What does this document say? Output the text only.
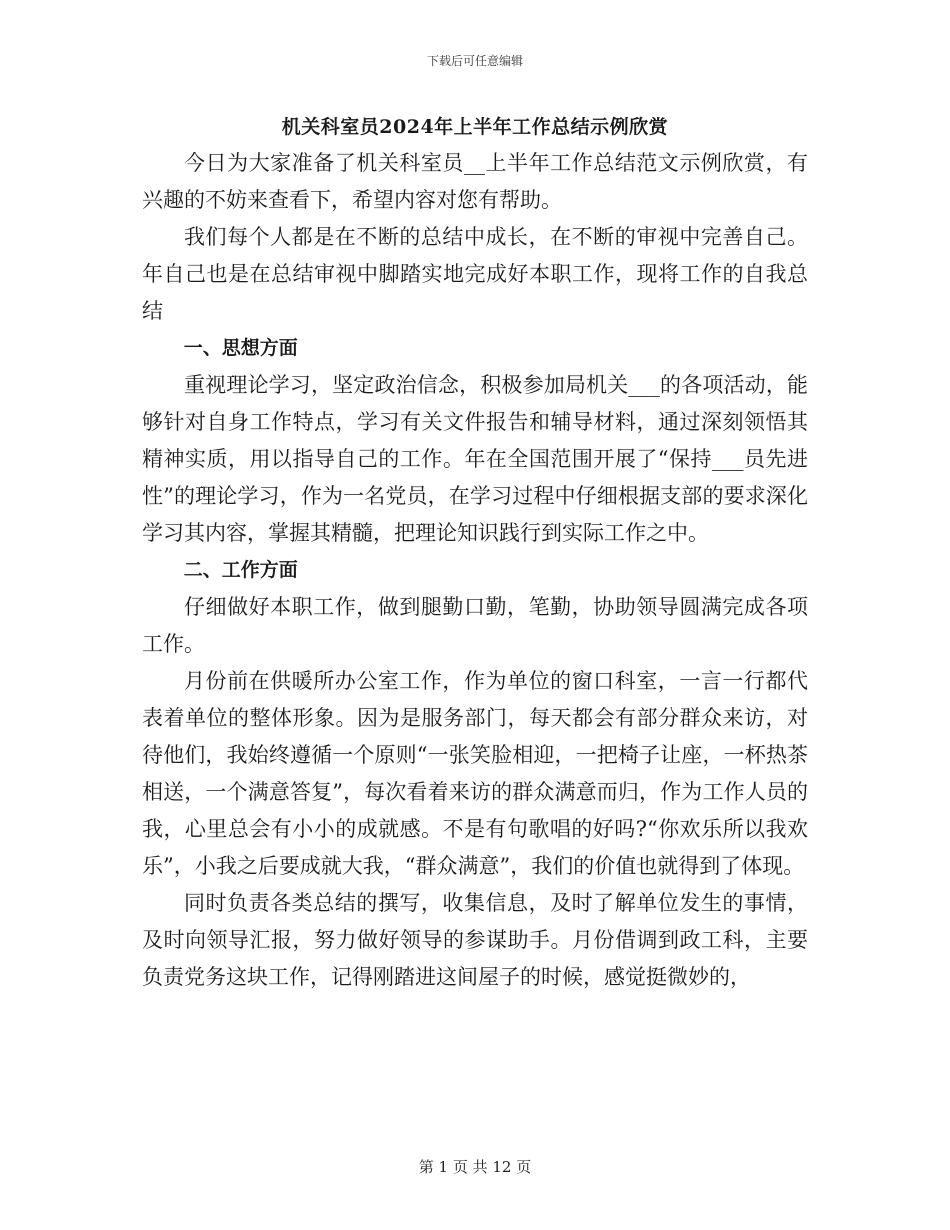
下载后可任意编辑
机关科室员2024年上半年工作总结示例欣赏

今日为大家准备了机关科室员__上半年工作总结范文示例欣赏，有兴趣的不妨来查看下，希望内容对您有帮助。

我们每个人都是在不断的总结中成长，在不断的审视中完善自己。年自己也是在总结审视中脚踏实地完成好本职工作，现将工作的自我总结

一、思想方面

重视理论学习，坚定政治信念，积极参加局机关___的各项活动，能够针对自身工作特点，学习有关文件报告和辅导材料，通过深刻领悟其精神实质，用以指导自己的工作。年在全国范围开展了“保持___员先进性”的理论学习，作为一名党员，在学习过程中仔细根据支部的要求深化学习其内容，掌握其精髓，把理论知识践行到实际工作之中。

二、工作方面

仔细做好本职工作，做到腿勤口勤，笔勤，协助领导圆满完成各项工作。

月份前在供暖所办公室工作，作为单位的窗口科室，一言一行都代表着单位的整体形象。因为是服务部门，每天都会有部分群众来访，对待他们，我始终遵循一个原则“一张笑脸相迎，一把椅子让座，一杯热茶相送，一个满意答复”，每次看着来访的群众满意而归，作为工作人员的我，心里总会有小小的成就感。不是有句歌唱的好吗?“你欢乐所以我欢乐”，小我之后要成就大我，“群众满意”，我们的价值也就得到了体现。

同时负责各类总结的撰写，收集信息，及时了解单位发生的事情，及时向领导汇报，努力做好领导的参谋助手。月份借调到政工科，主要负责党务这块工作，记得刚踏进这间屋子的时候，感觉挺微妙的，

第 1 页 共 12 页
